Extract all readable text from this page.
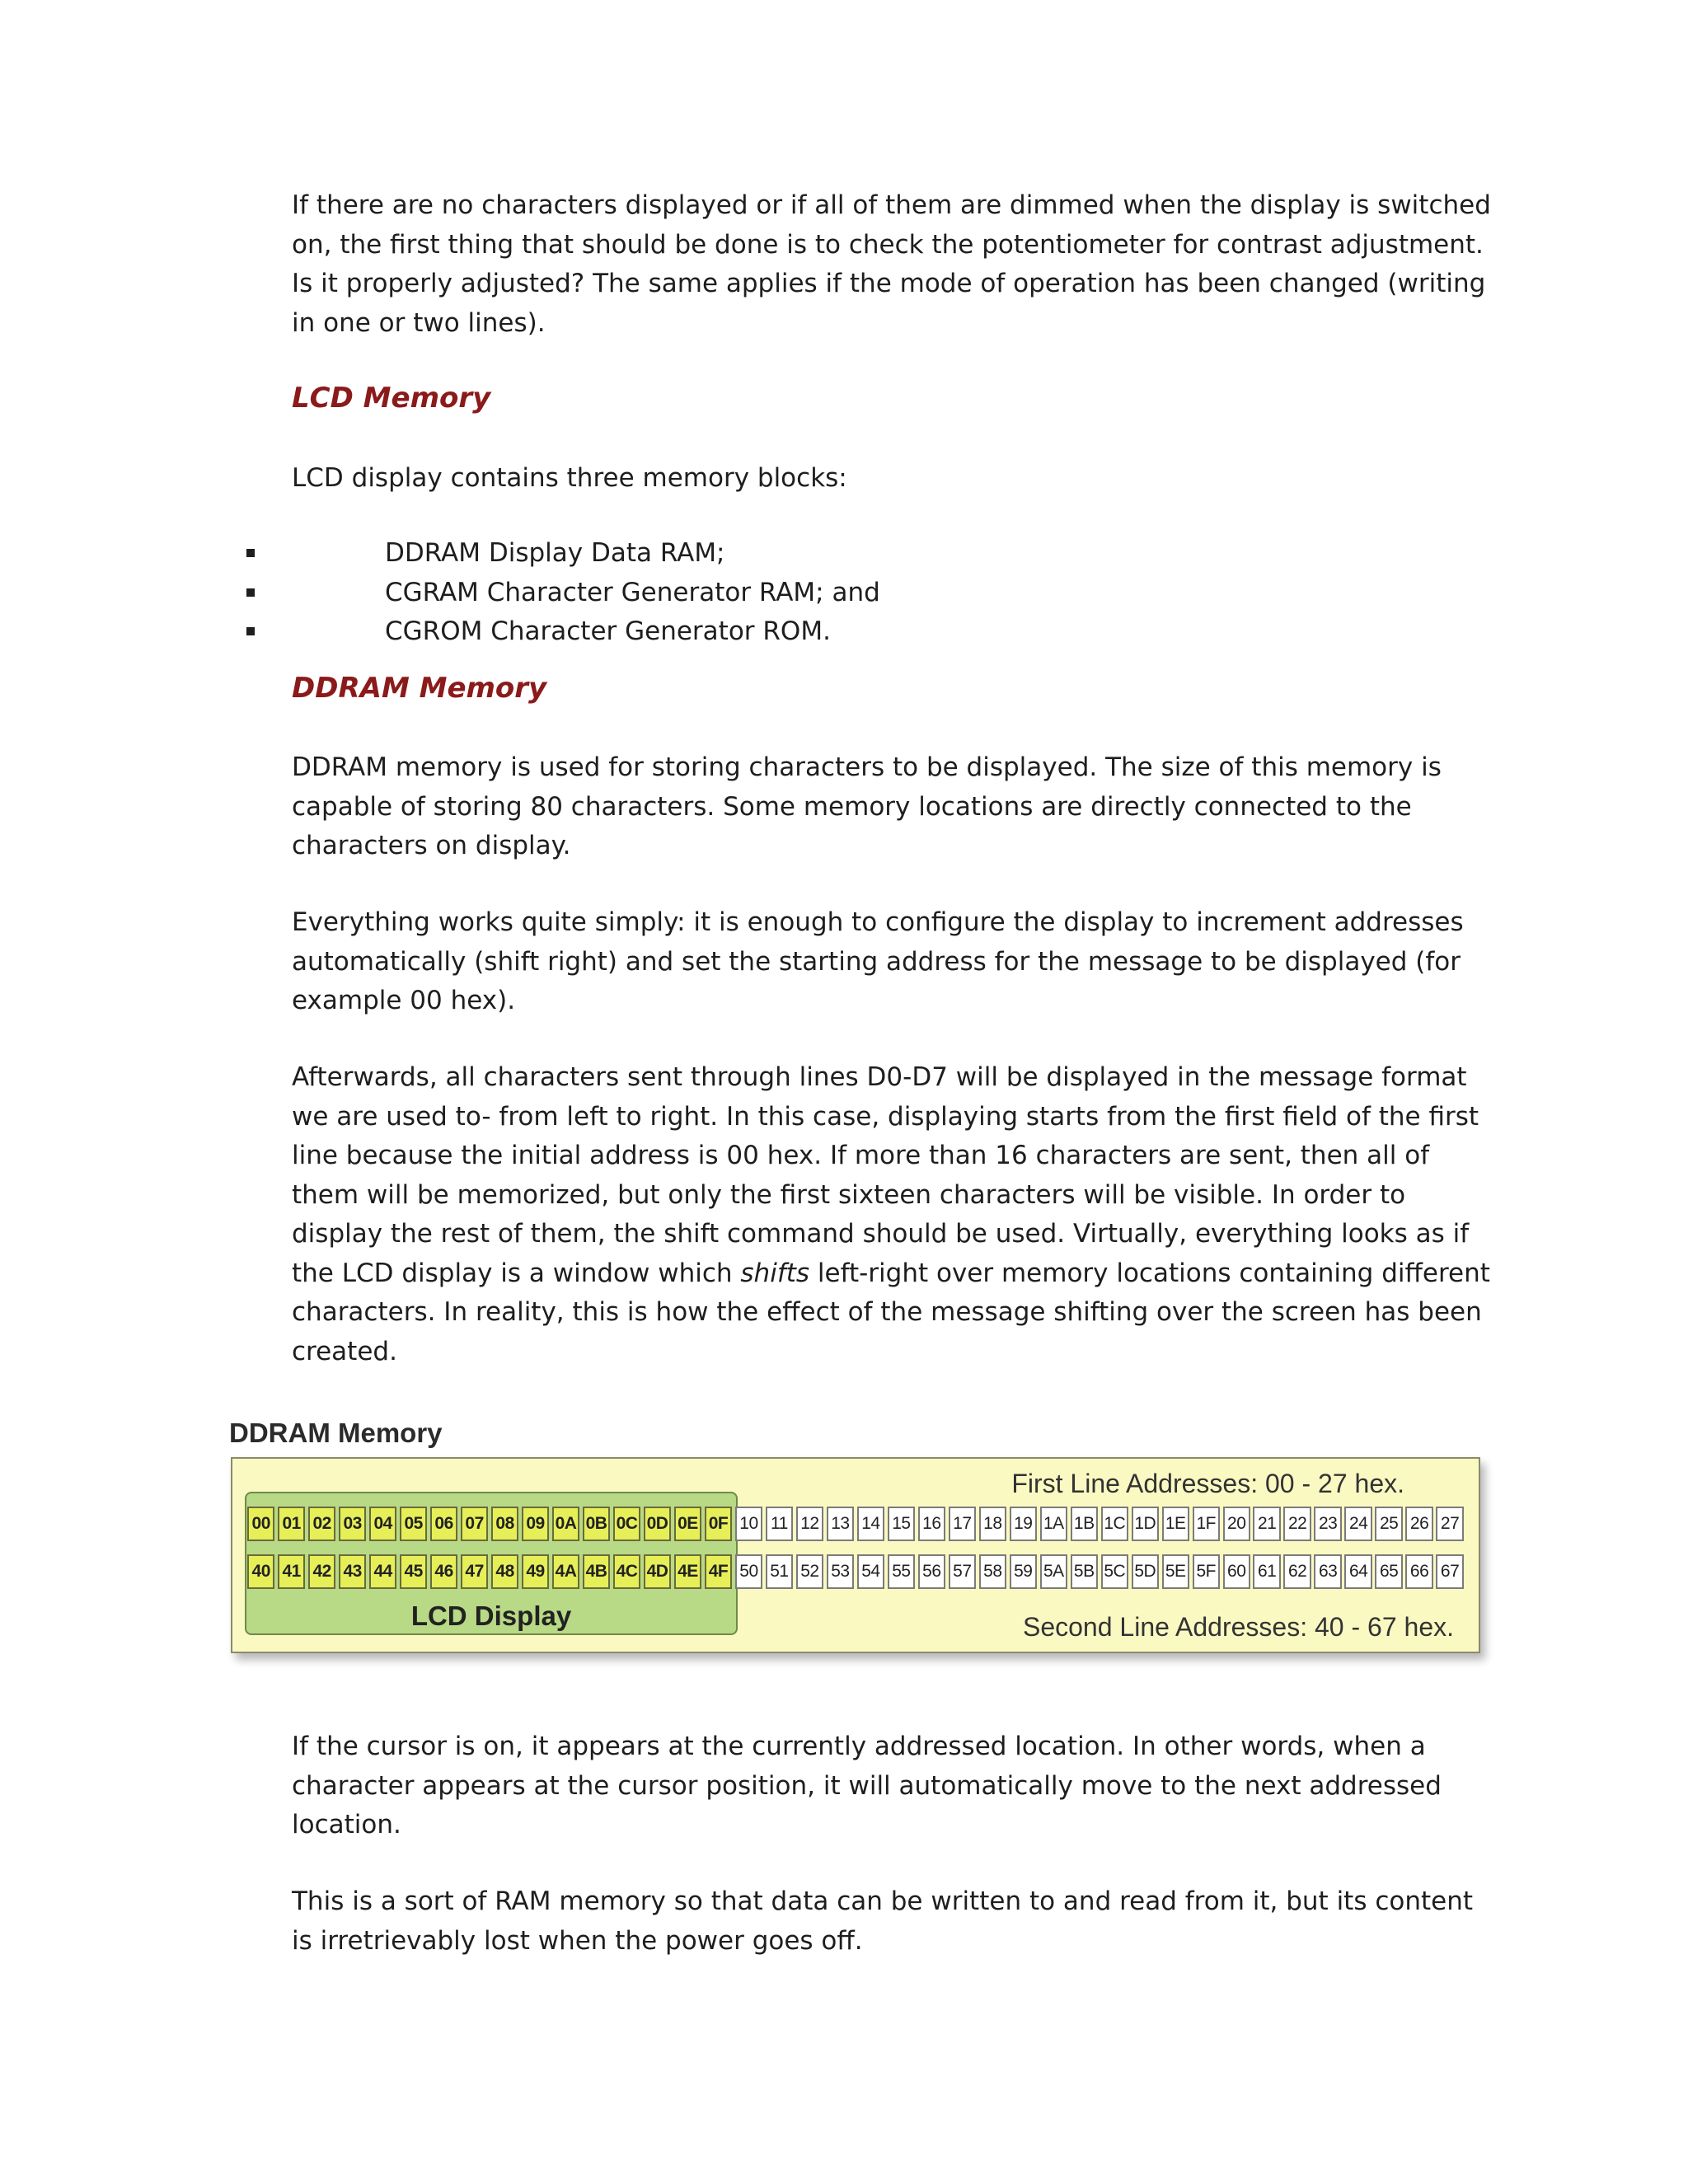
If there are no characters displayed or if all of them are dimmed when the display is switched
on, the first thing that should be done is to check the potentiometer for contrast adjustment.
Is it properly adjusted? The same applies if the mode of operation has been changed (writing
in one or two lines).

LCD Memory

LCD display contains three memory blocks:

DDRAM Display Data RAM;
CGRAM Character Generator RAM; and
CGROM Character Generator ROM.
DDRAM Memory

DDRAM memory is used for storing characters to be displayed. The size of this memory is
capable of storing 80 characters. Some memory locations are directly connected to the
characters on display.

Everything works quite simply: it is enough to configure the display to increment addresses
automatically (shift right) and set the starting address for the message to be displayed (for
example 00 hex).

Afterwards, all characters sent through lines D0-D7 will be displayed in the message format
we are used to- from left to right. In this case, displaying starts from the first field of the first
line because the initial address is 00 hex. If more than 16 characters are sent, then all of
them will be memorized, but only the first sixteen characters will be visible. In order to
display the rest of them, the shift command should be used. Virtually, everything looks as if
the LCD display is a window which shifts left-right over memory locations containing different
characters. In reality, this is how the effect of the message shifting over the screen has been
created.

DDRAM Memory
LCD Display
00 01 02 03 04 05 06 07 08 09 0A 0B 0C 0D 0E 0F 10 11 12 13 14 15 16 17 18 19 1A 1B 1C 1D 1E 1F 20 21 22 23 24 25 26 27
40 41 42 43 44 45 46 47 48 49 4A 4B 4C 4D 4E 4F 50 51 52 53 54 55 56 57 58 59 5A 5B 5C 5D 5E 5F 60 61 62 63 64 65 66 67
First Line Addresses: 00 - 27 hex.
Second Line Addresses: 40 - 67 hex.

If the cursor is on, it appears at the currently addressed location. In other words, when a
character appears at the cursor position, it will automatically move to the next addressed
location.

This is a sort of RAM memory so that data can be written to and read from it, but its content
is irretrievably lost when the power goes off.
